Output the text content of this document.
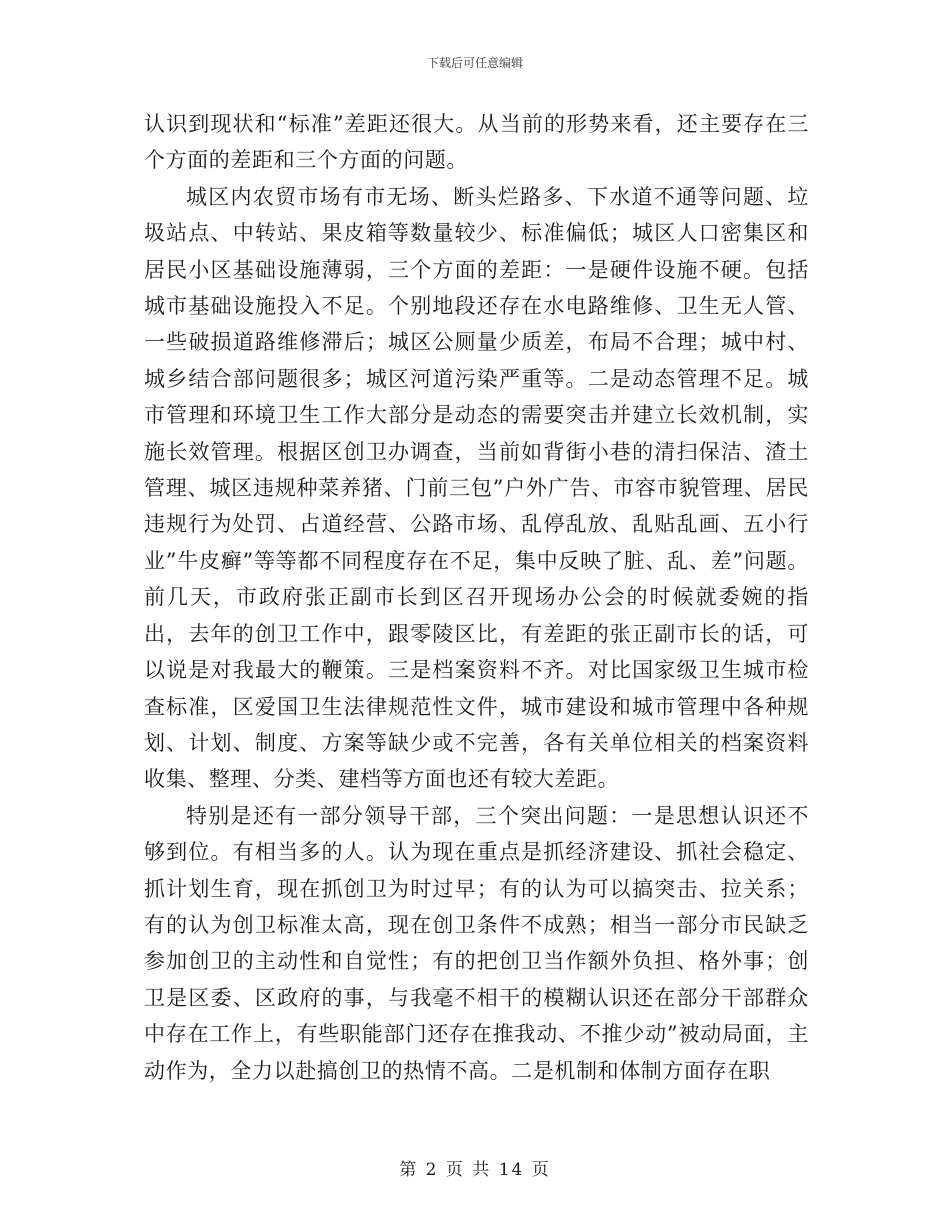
下载后可任意编辑

认识到现状和“标准”差距还很大。从当前的形势来看，还主要存在三个方面的差距和三个方面的问题。

城区内农贸市场有市无场、断头烂路多、下水道不通等问题、垃圾站点、中转站、果皮箱等数量较少、标准偏低；城区人口密集区和居民小区基础设施薄弱，三个方面的差距：一是硬件设施不硬。包括城市基础设施投入不足。个别地段还存在水电路维修、卫生无人管、一些破损道路维修滞后；城区公厕量少质差，布局不合理；城中村、城乡结合部问题很多；城区河道污染严重等。二是动态管理不足。城市管理和环境卫生工作大部分是动态的需要突击并建立长效机制，实施长效管理。根据区创卫办调查，当前如背街小巷的清扫保洁、渣土管理、城区违规种菜养猪、门前三包”户外广告、市容市貌管理、居民违规行为处罚、占道经营、公路市场、乱停乱放、乱贴乱画、五小行业”牛皮癣”等等都不同程度存在不足，集中反映了脏、乱、差”问题。前几天，市政府张正副市长到区召开现场办公会的时候就委婉的指出，去年的创卫工作中，跟零陵区比，有差距的张正副市长的话，可以说是对我最大的鞭策。三是档案资料不齐。对比国家级卫生城市检查标准，区爱国卫生法律规范性文件，城市建设和城市管理中各种规划、计划、制度、方案等缺少或不完善，各有关单位相关的档案资料收集、整理、分类、建档等方面也还有较大差距。

特别是还有一部分领导干部，三个突出问题：一是思想认识还不够到位。有相当多的人。认为现在重点是抓经济建设、抓社会稳定、抓计划生育，现在抓创卫为时过早；有的认为可以搞突击、拉关系；有的认为创卫标准太高，现在创卫条件不成熟；相当一部分市民缺乏参加创卫的主动性和自觉性；有的把创卫当作额外负担、格外事；创卫是区委、区政府的事，与我毫不相干的模糊认识还在部分干部群众中存在工作上，有些职能部门还存在推我动、不推少动”被动局面，主动作为，全力以赴搞创卫的热情不高。二是机制和体制方面存在职

第 2 页 共 14 页
